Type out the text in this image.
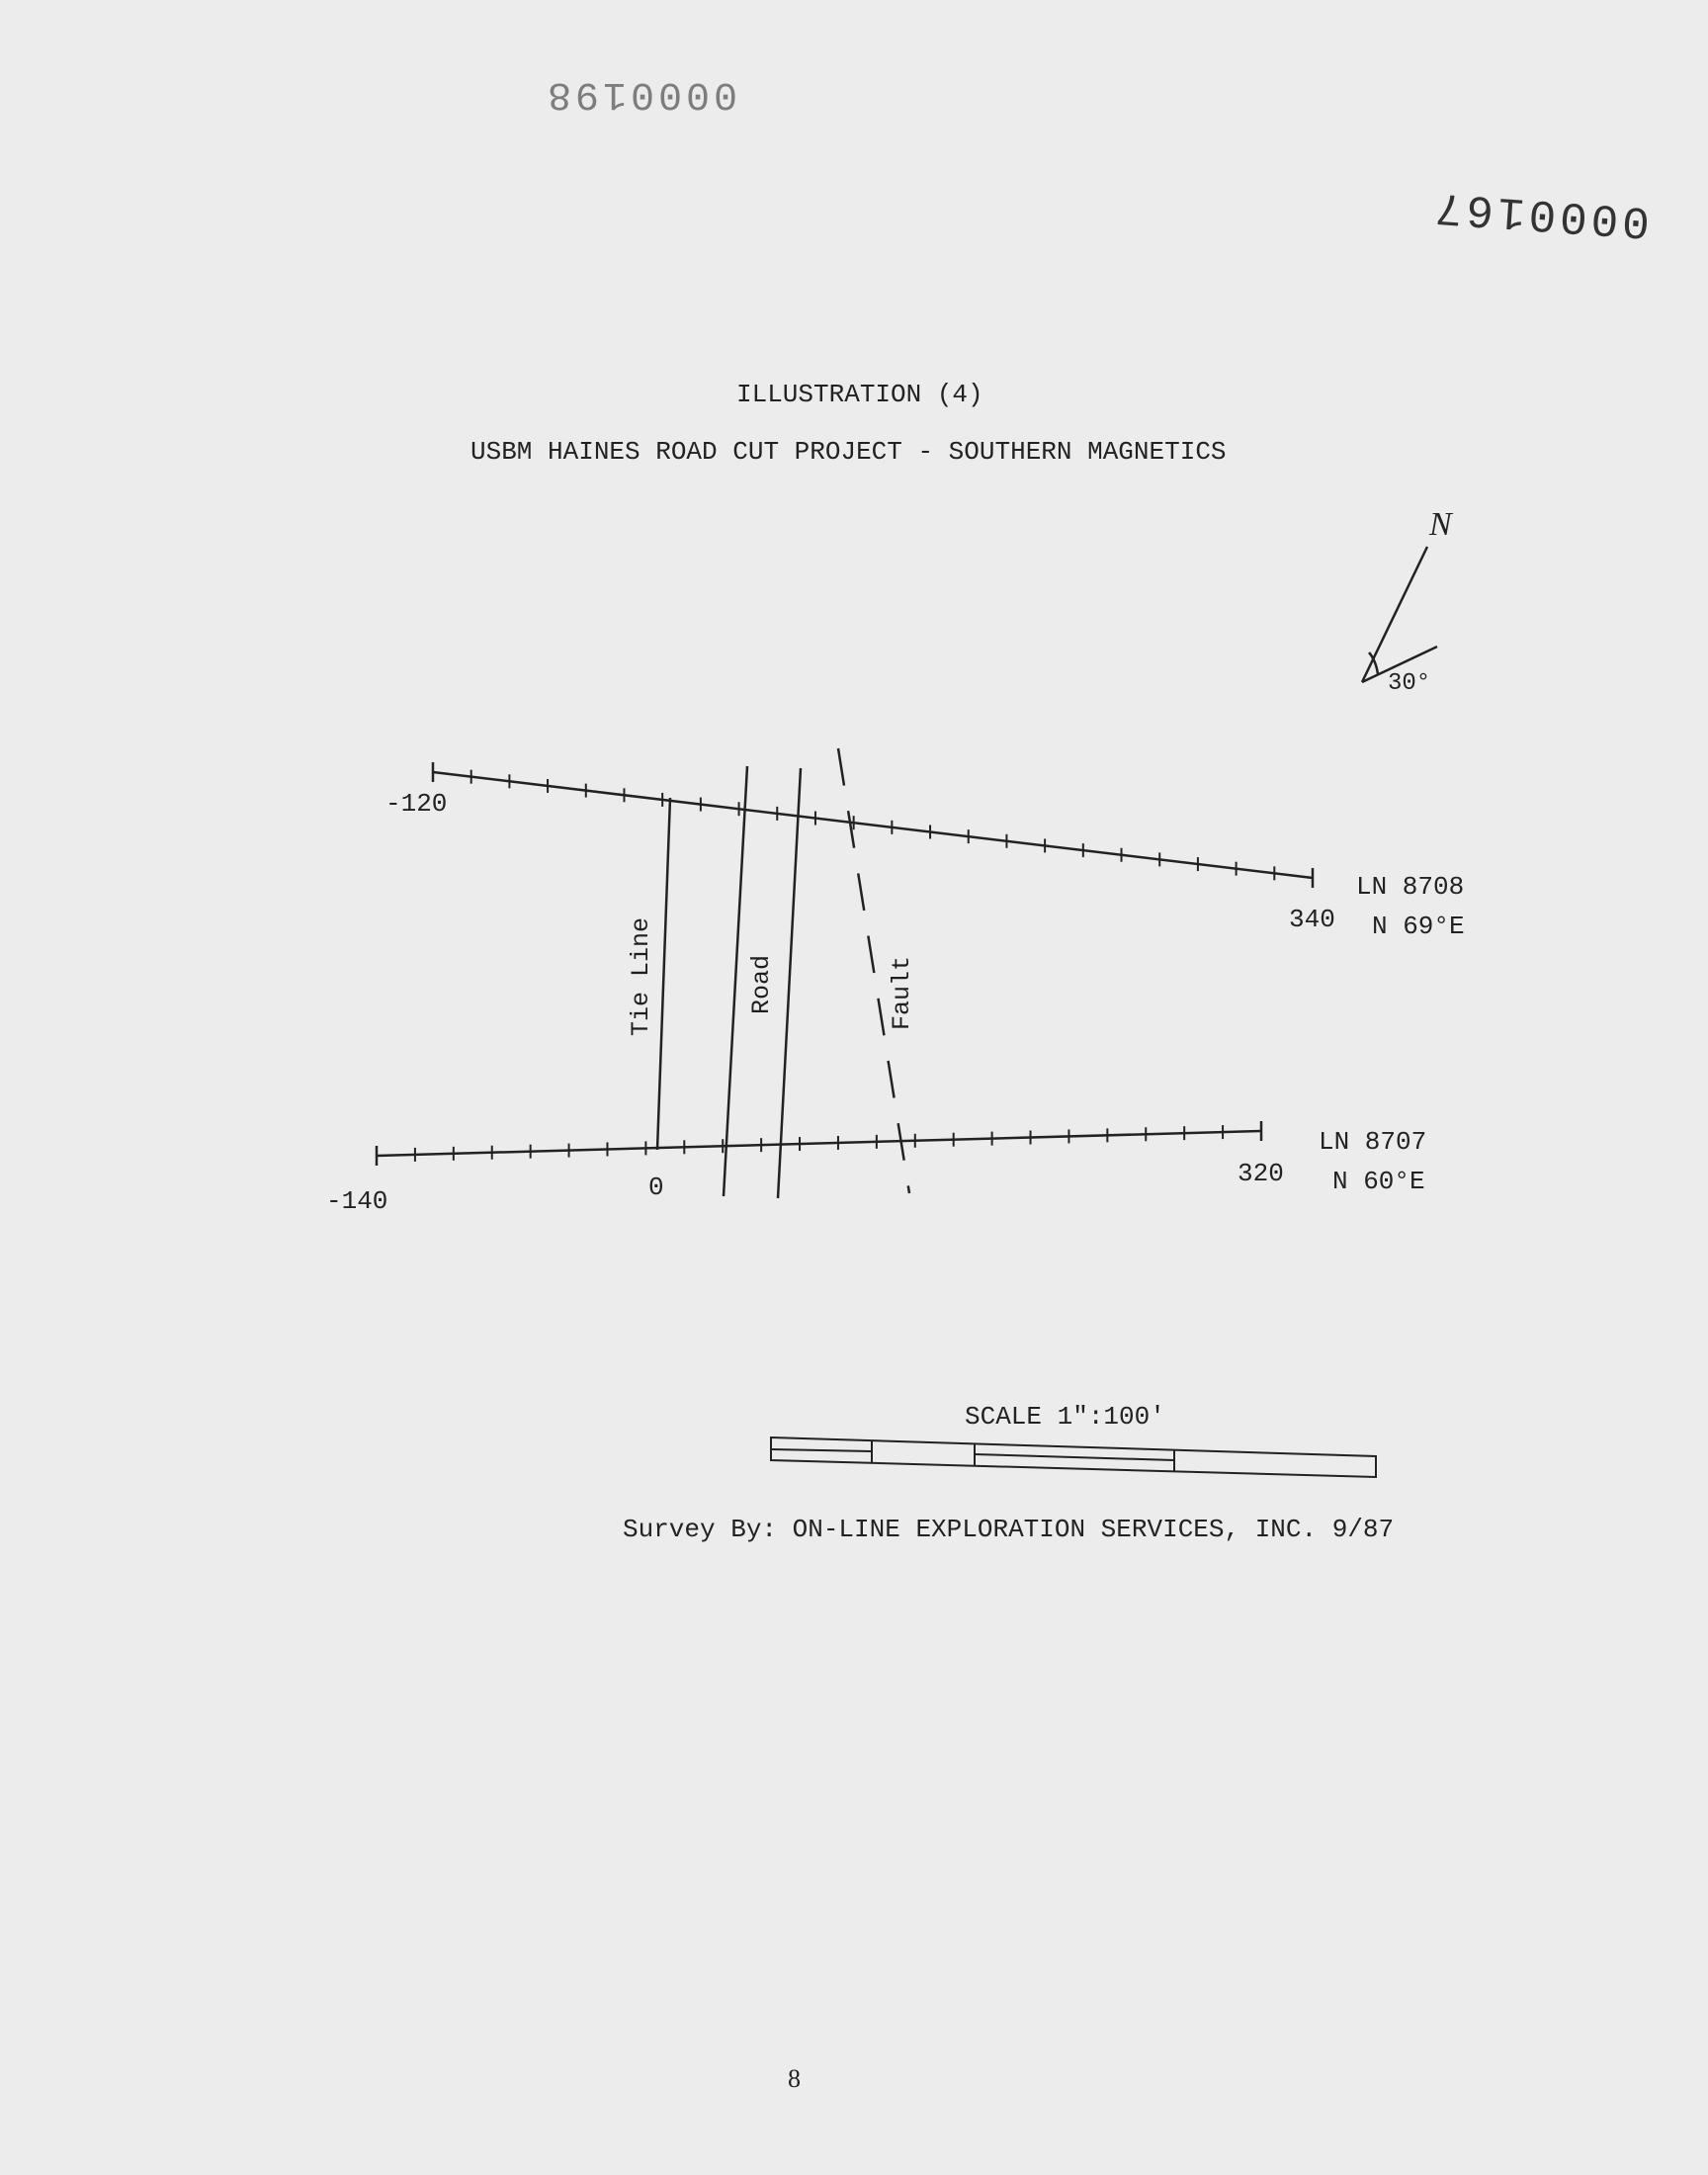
0000198
0000167
ILLUSTRATION (4)
USBM HAINES ROAD CUT PROJECT - SOUTHERN MAGNETICS
N
30°
-120
340
LN 8708
N 69°E
-140	0	320
LN 8707
N 60°E
Tie Line	Road	Fault
SCALE 1":100'
Survey By: ON-LINE EXPLORATION SERVICES, INC. 9/87
8
